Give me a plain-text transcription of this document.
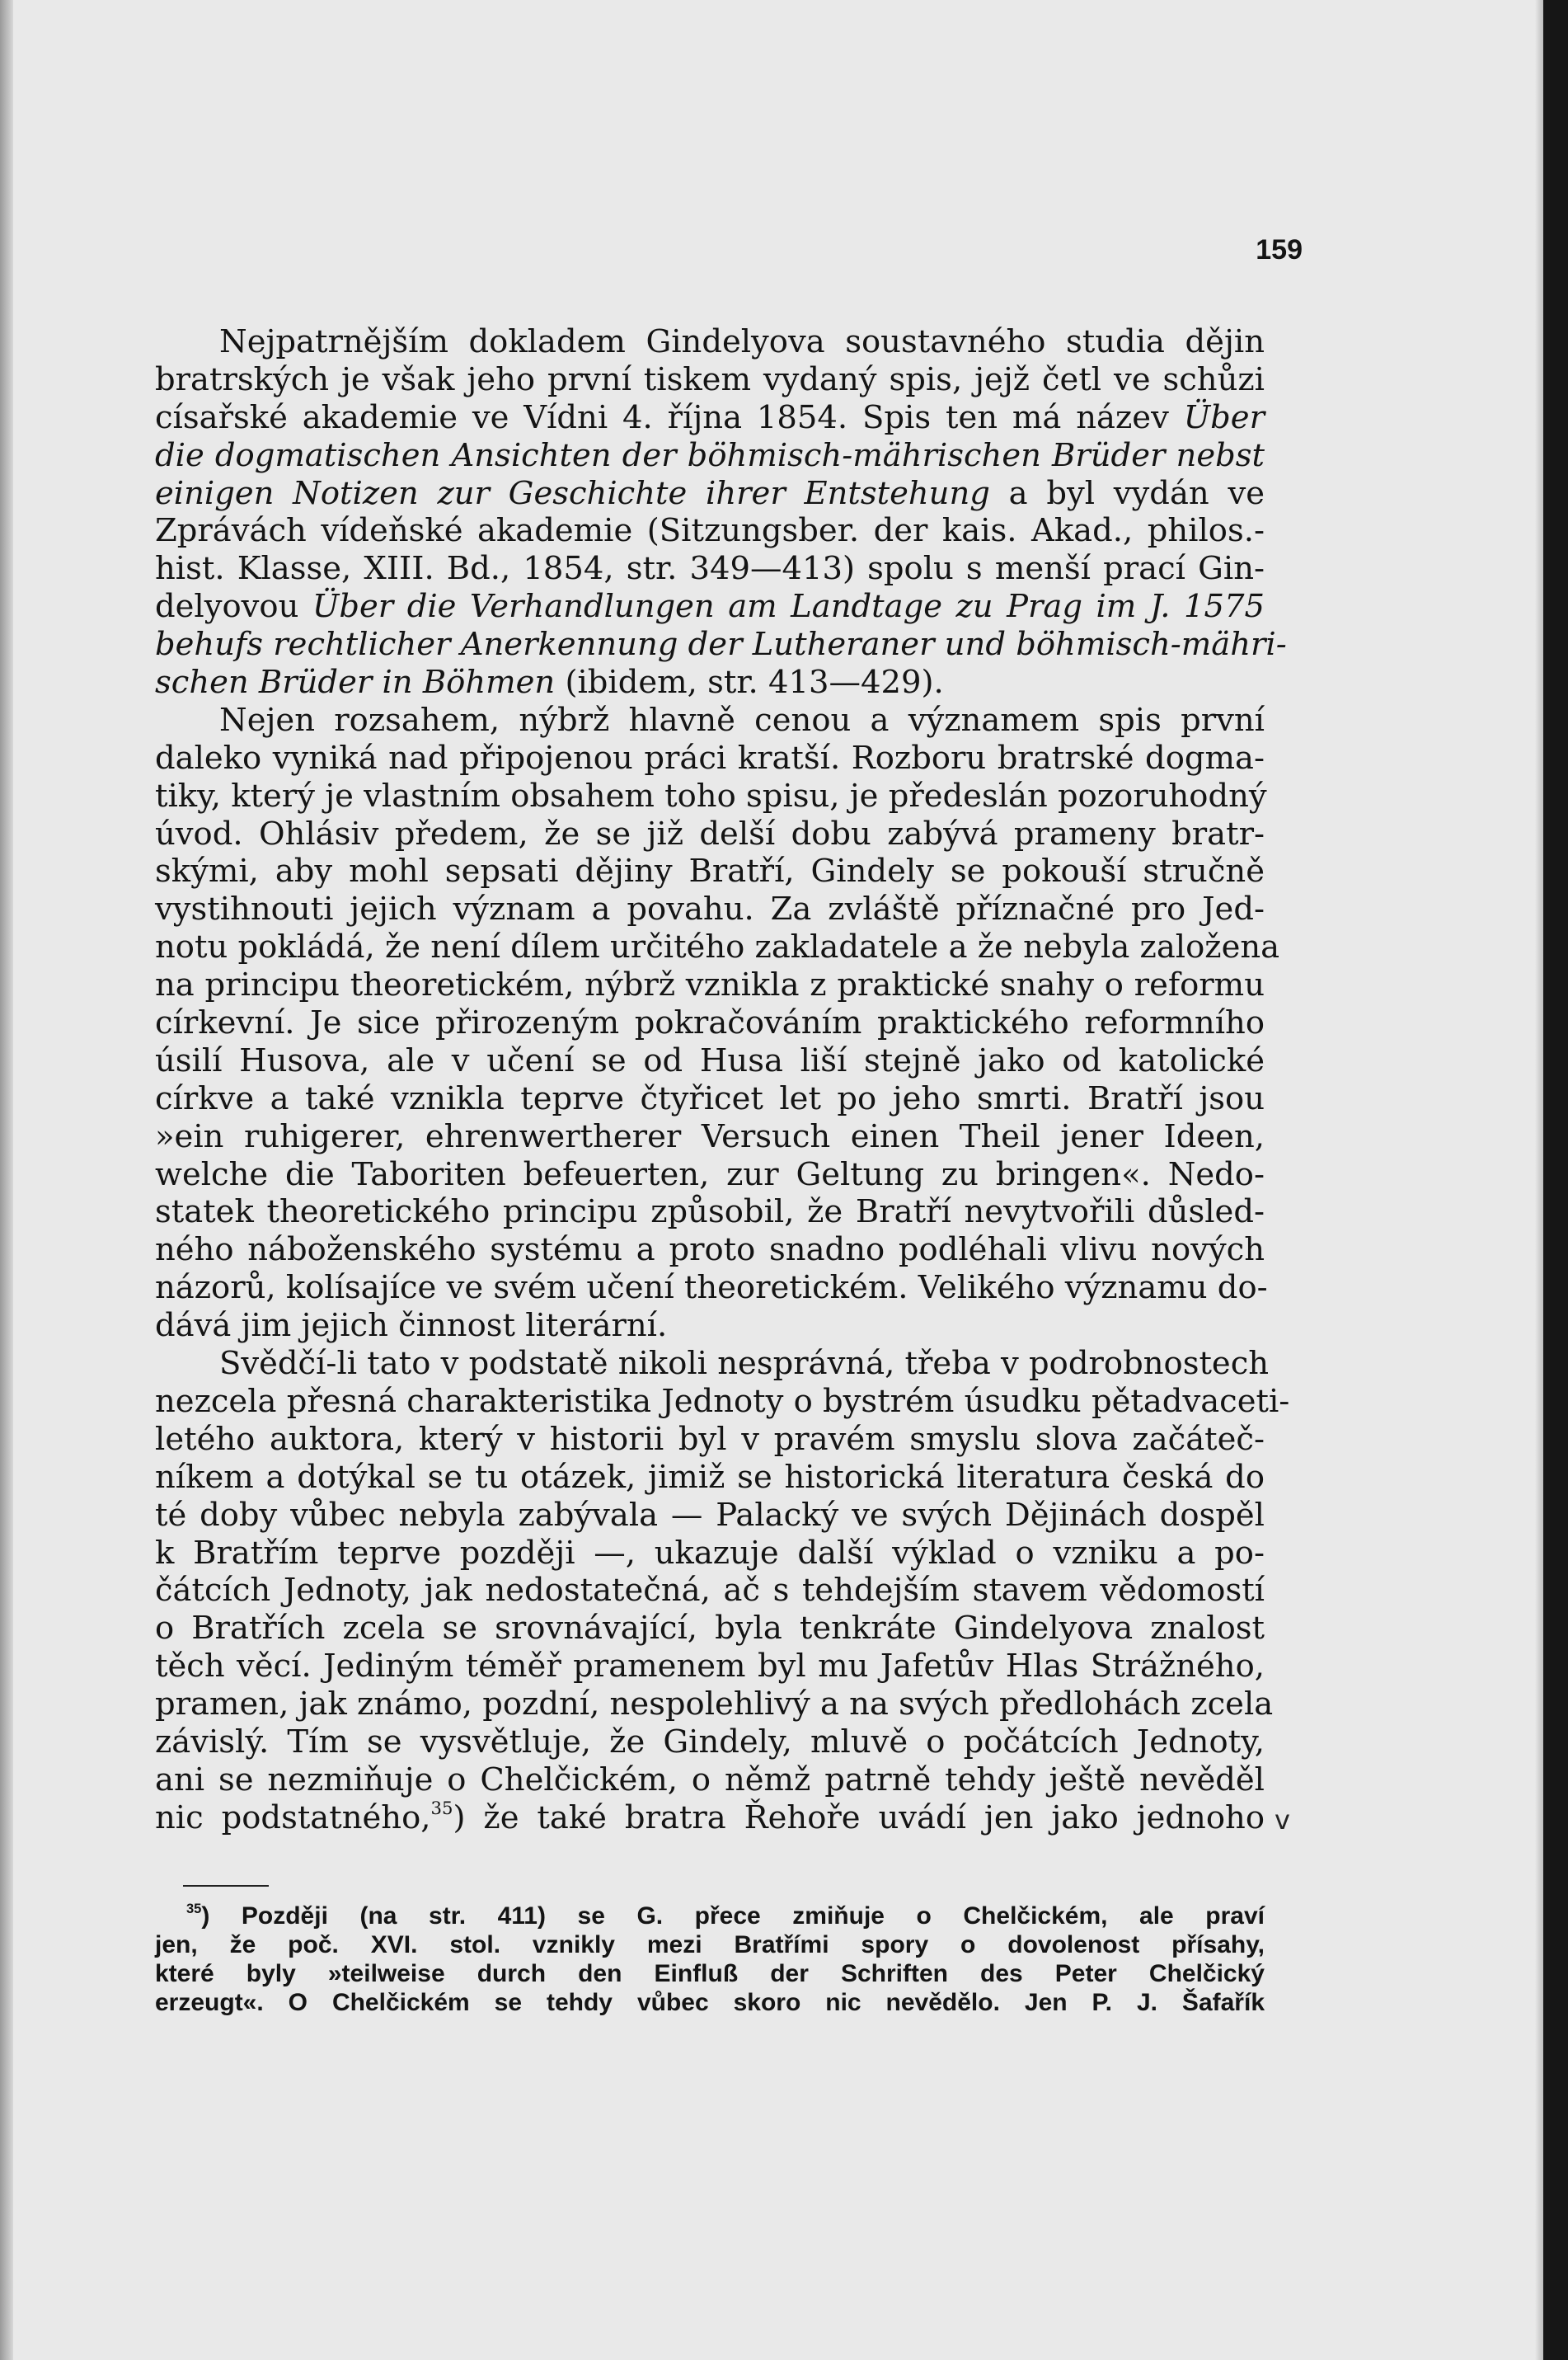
159
Nejpatrnějším dokladem Gindelyova soustavného studia dějin
bratrských je však jeho první tiskem vydaný spis, jejž četl ve schůzi
císařské akademie ve Vídni 4. října 1854. Spis ten má název Über
die dogmatischen Ansichten der böhmisch-mährischen Brüder nebst
einigen Notizen zur Geschichte ihrer Entstehung a byl vydán ve
Zprávách vídeňské akademie (Sitzungsber. der kais. Akad., philos.-
hist. Klasse, XIII. Bd., 1854, str. 349—413) spolu s menší prací Gin-
delyovou Über die Verhandlungen am Landtage zu Prag im J. 1575
behufs rechtlicher Anerkennung der Lutheraner und böhmisch-mähri-
schen Brüder in Böhmen (ibidem, str. 413—429).
Nejen rozsahem, nýbrž hlavně cenou a významem spis první
daleko vyniká nad připojenou práci kratší. Rozboru bratrské dogma-
tiky, který je vlastním obsahem toho spisu, je předeslán pozoruhodný
úvod. Ohlásiv předem, že se již delší dobu zabývá prameny bratr-
skými, aby mohl sepsati dějiny Bratří, Gindely se pokouší stručně
vystihnouti jejich význam a povahu. Za zvláště příznačné pro Jed-
notu pokládá, že není dílem určitého zakladatele a že nebyla založena
na principu theoretickém, nýbrž vznikla z praktické snahy o reformu
církevní. Je sice přirozeným pokračováním praktického reformního
úsilí Husova, ale v učení se od Husa liší stejně jako od katolické
církve a také vznikla teprve čtyřicet let po jeho smrti. Bratří jsou
»ein ruhigerer, ehrenwertherer Versuch einen Theil jener Ideen,
welche die Taboriten befeuerten, zur Geltung zu bringen«. Nedo-
statek theoretického principu způsobil, že Bratří nevytvořili důsled-
ného náboženského systému a proto snadno podléhali vlivu nových
názorů, kolísajíce ve svém učení theoretickém. Velikého významu do-
dává jim jejich činnost literární.
Svědčí-li tato v podstatě nikoli nesprávná, třeba v podrobnostech
nezcela přesná charakteristika Jednoty o bystrém úsudku pětadvaceti-
letého auktora, který v historii byl v pravém smyslu slova začáteč-
níkem a dotýkal se tu otázek, jimiž se historická literatura česká do
té doby vůbec nebyla zabývala — Palacký ve svých Dějinách dospěl
k Bratřím teprve později —, ukazuje další výklad o vzniku a po-
čátcích Jednoty, jak nedostatečná, ač s tehdejším stavem vědomostí
o Bratřích zcela se srovnávající, byla tenkráte Gindelyova znalost
těch věcí. Jediným téměř pramenem byl mu Jafetův Hlas Strážného,
pramen, jak známo, pozdní, nespolehlivý a na svých předlohách zcela
závislý. Tím se vysvětluje, že Gindely, mluvě o počátcích Jednoty,
ani se nezmiňuje o Chelčickém, o němž patrně tehdy ještě nevěděl
nic podstatného,$^{35}$) že také bratra Řehoře uvádí jen jako jednoho v
$^{35}$) Později (na str. 411) se G. přece zmiňuje o Chelčickém, ale praví
jen, že poč. XVI. stol. vznikly mezi Bratřími spory o dovolenost přísahy,
které byly »teilweise durch den Einfluß der Schriften des Peter Chelčický
erzeugt«. O Chelčickém se tehdy vůbec skoro nic nevědělo. Jen P. J. Šafařík
